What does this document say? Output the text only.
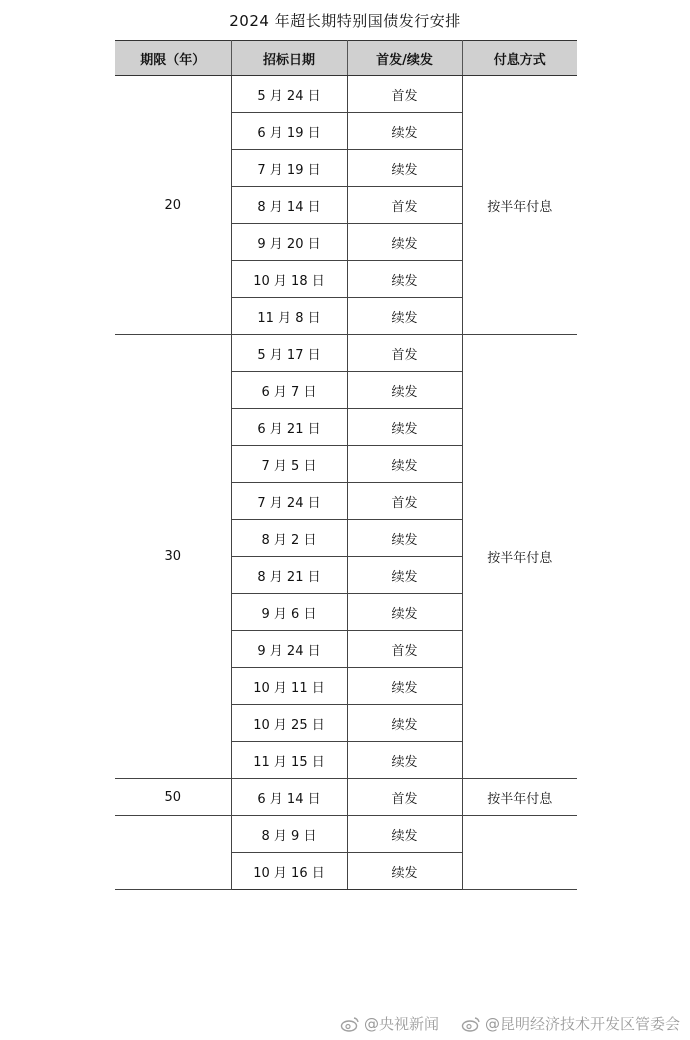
2024 年超长期特别国债发行安排
期限（年）	招标日期	首发/续发	付息方式
20	5 月 24 日	首发	按半年付息
	6 月 19 日	续发	
	7 月 19 日	续发	
	8 月 14 日	首发	
	9 月 20 日	续发	
	10 月 18 日	续发	
	11 月 8 日	续发	
30	5 月 17 日	首发	按半年付息
	6 月 7 日	续发	
	6 月 21 日	续发	
	7 月 5 日	续发	
	7 月 24 日	首发	
	8 月 2 日	续发	
	8 月 21 日	续发	
	9 月 6 日	续发	
	9 月 24 日	首发	
	10 月 11 日	续发	
	10 月 25 日	续发	
	11 月 15 日	续发	
50	6 月 14 日	首发	按半年付息
	8 月 9 日	续发	
	10 月 16 日	续发	
@央视新闻	@昆明经济技术开发区管委会
